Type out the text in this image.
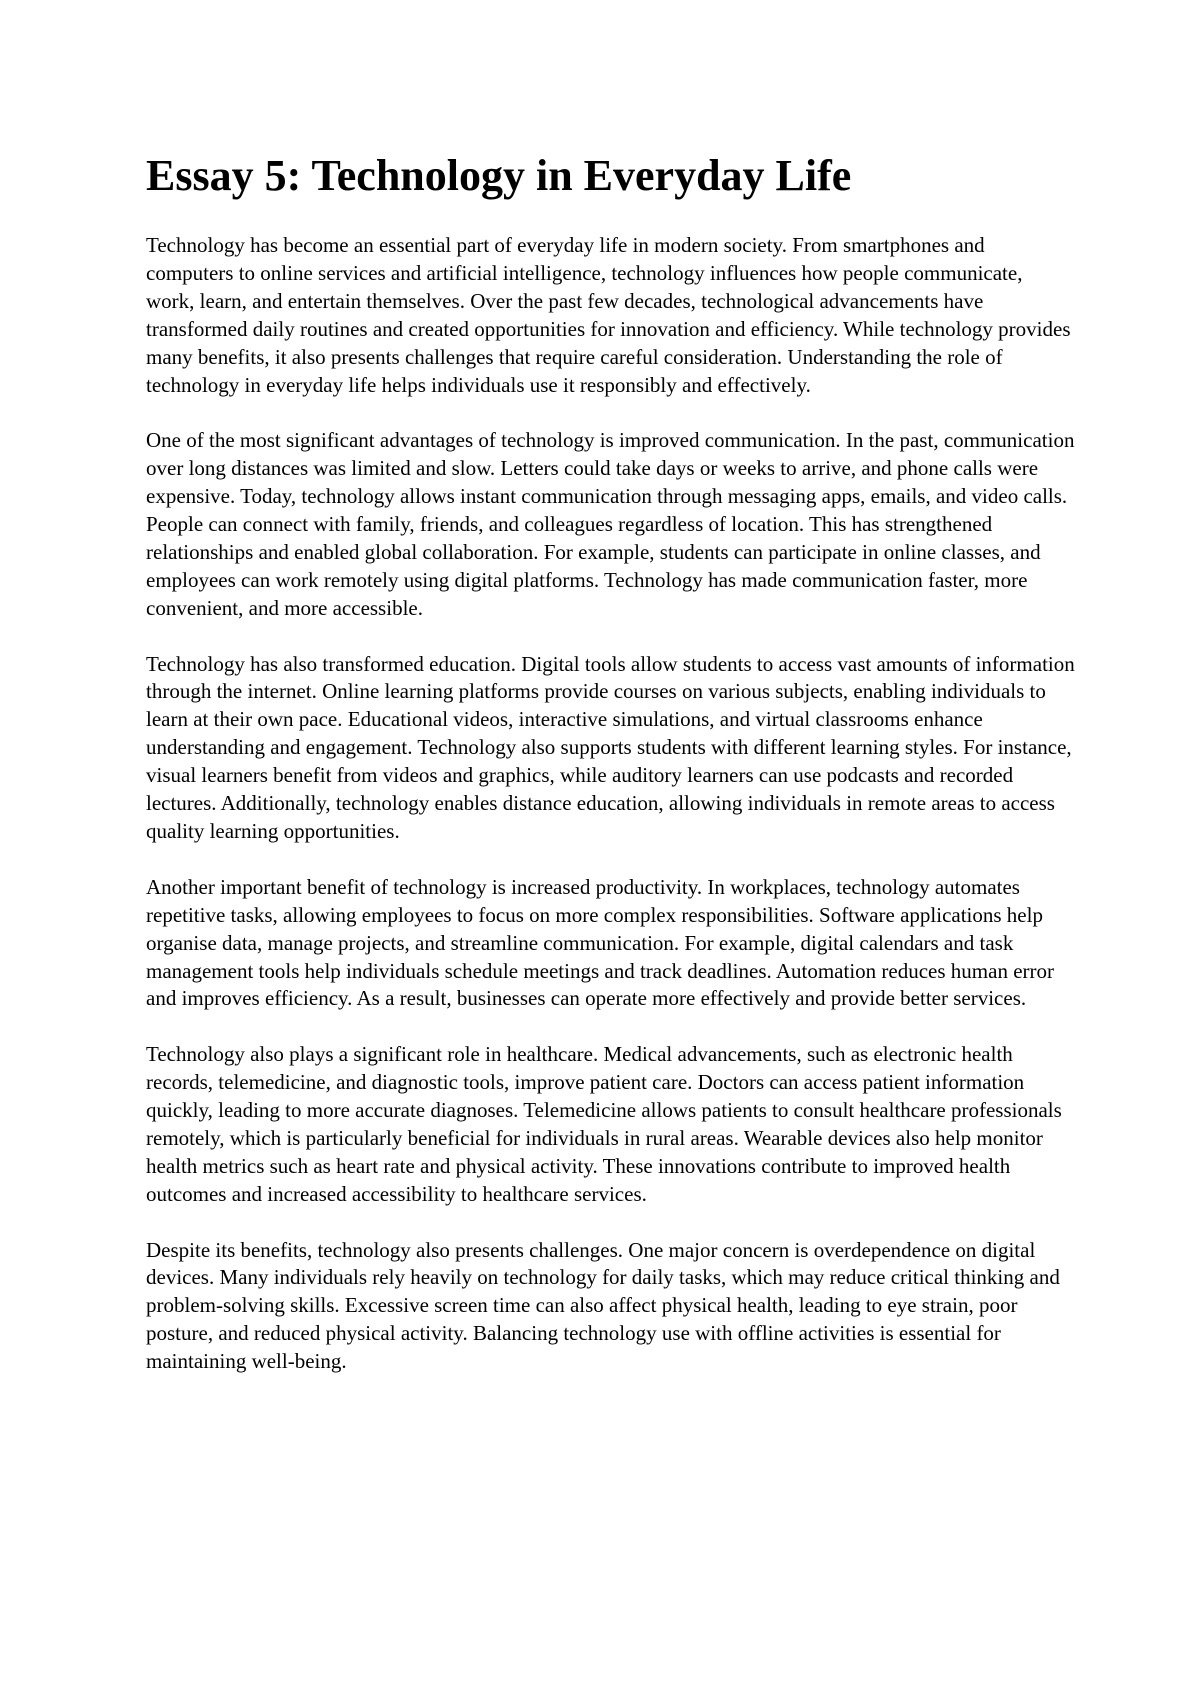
Essay 5: Technology in Everyday Life

Technology has become an essential part of everyday life in modern society. From smartphones and computers to online services and artificial intelligence, technology influences how people communicate, work, learn, and entertain themselves. Over the past few decades, technological advancements have transformed daily routines and created opportunities for innovation and efficiency. While technology provides many benefits, it also presents challenges that require careful consideration. Understanding the role of technology in everyday life helps individuals use it responsibly and effectively.

One of the most significant advantages of technology is improved communication. In the past, communication over long distances was limited and slow. Letters could take days or weeks to arrive, and phone calls were expensive. Today, technology allows instant communication through messaging apps, emails, and video calls. People can connect with family, friends, and colleagues regardless of location. This has strengthened relationships and enabled global collaboration. For example, students can participate in online classes, and employees can work remotely using digital platforms. Technology has made communication faster, more convenient, and more accessible.

Technology has also transformed education. Digital tools allow students to access vast amounts of information through the internet. Online learning platforms provide courses on various subjects, enabling individuals to learn at their own pace. Educational videos, interactive simulations, and virtual classrooms enhance understanding and engagement. Technology also supports students with different learning styles. For instance, visual learners benefit from videos and graphics, while auditory learners can use podcasts and recorded lectures. Additionally, technology enables distance education, allowing individuals in remote areas to access quality learning opportunities.

Another important benefit of technology is increased productivity. In workplaces, technology automates repetitive tasks, allowing employees to focus on more complex responsibilities. Software applications help organise data, manage projects, and streamline communication. For example, digital calendars and task management tools help individuals schedule meetings and track deadlines. Automation reduces human error and improves efficiency. As a result, businesses can operate more effectively and provide better services.

Technology also plays a significant role in healthcare. Medical advancements, such as electronic health records, telemedicine, and diagnostic tools, improve patient care. Doctors can access patient information quickly, leading to more accurate diagnoses. Telemedicine allows patients to consult healthcare professionals remotely, which is particularly beneficial for individuals in rural areas. Wearable devices also help monitor health metrics such as heart rate and physical activity. These innovations contribute to improved health outcomes and increased accessibility to healthcare services.

Despite its benefits, technology also presents challenges. One major concern is overdependence on digital devices. Many individuals rely heavily on technology for daily tasks, which may reduce critical thinking and problem-solving skills. Excessive screen time can also affect physical health, leading to eye strain, poor posture, and reduced physical activity. Balancing technology use with offline activities is essential for maintaining well-being.
